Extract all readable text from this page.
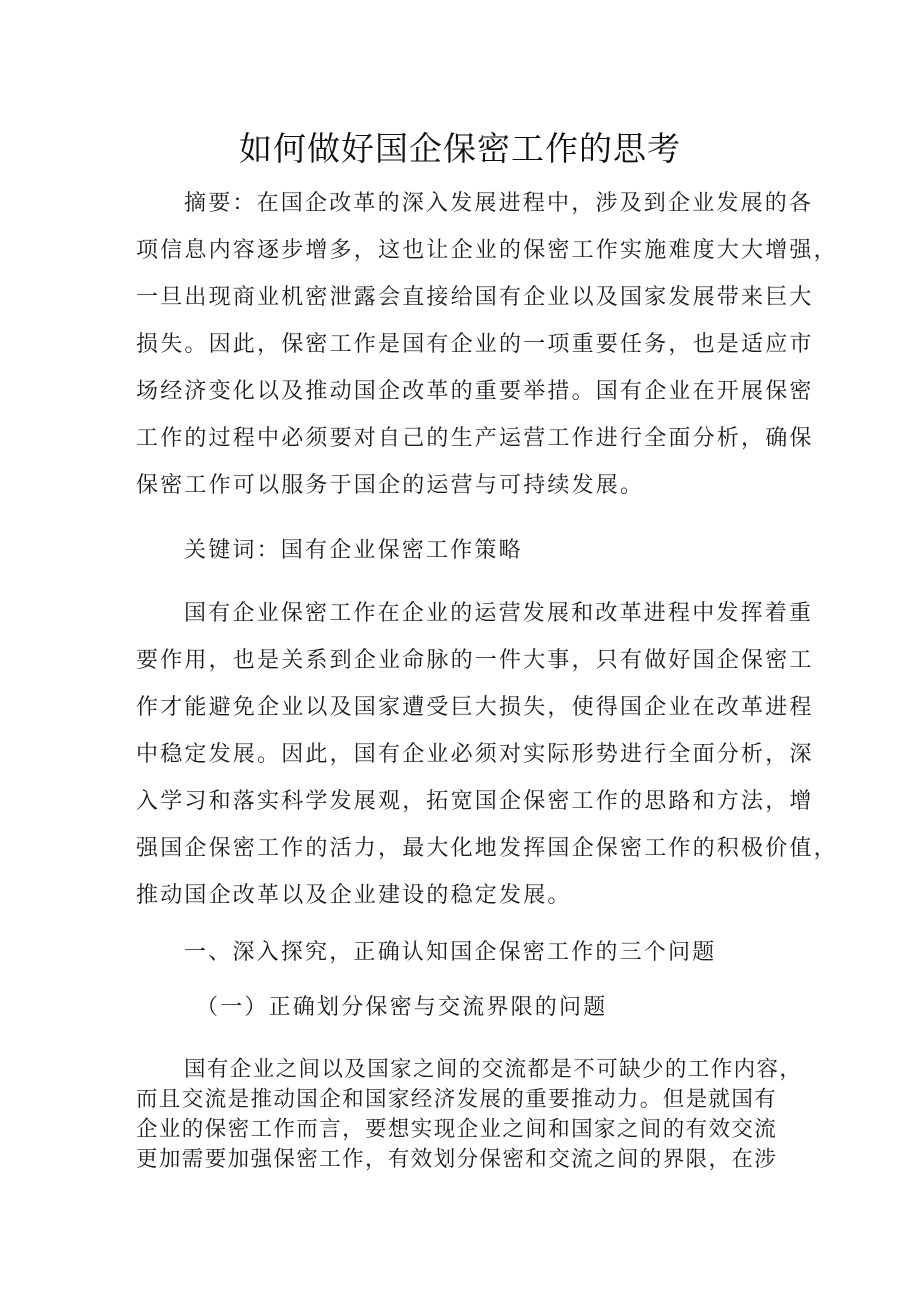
如何做好国企保密工作的思考
摘要：在国企改革的深入发展进程中，涉及到企业发展的各
项信息内容逐步增多，这也让企业的保密工作实施难度大大增强，
一旦出现商业机密泄露会直接给国有企业以及国家发展带来巨大
损失。因此，保密工作是国有企业的一项重要任务，也是适应市
场经济变化以及推动国企改革的重要举措。国有企业在开展保密
工作的过程中必须要对自己的生产运营工作进行全面分析，确保
保密工作可以服务于国企的运营与可持续发展。
关键词：国有企业保密工作策略
国有企业保密工作在企业的运营发展和改革进程中发挥着重
要作用，也是关系到企业命脉的一件大事，只有做好国企保密工
作才能避免企业以及国家遭受巨大损失，使得国企业在改革进程
中稳定发展。因此，国有企业必须对实际形势进行全面分析，深
入学习和落实科学发展观，拓宽国企保密工作的思路和方法，增
强国企保密工作的活力，最大化地发挥国企保密工作的积极价值，
推动国企改革以及企业建设的稳定发展。
一、深入探究，正确认知国企保密工作的三个问题
（一）正确划分保密与交流界限的问题
国有企业之间以及国家之间的交流都是不可缺少的工作内容，
而且交流是推动国企和国家经济发展的重要推动力。但是就国有
企业的保密工作而言，要想实现企业之间和国家之间的有效交流
更加需要加强保密工作，有效划分保密和交流之间的界限，在涉
